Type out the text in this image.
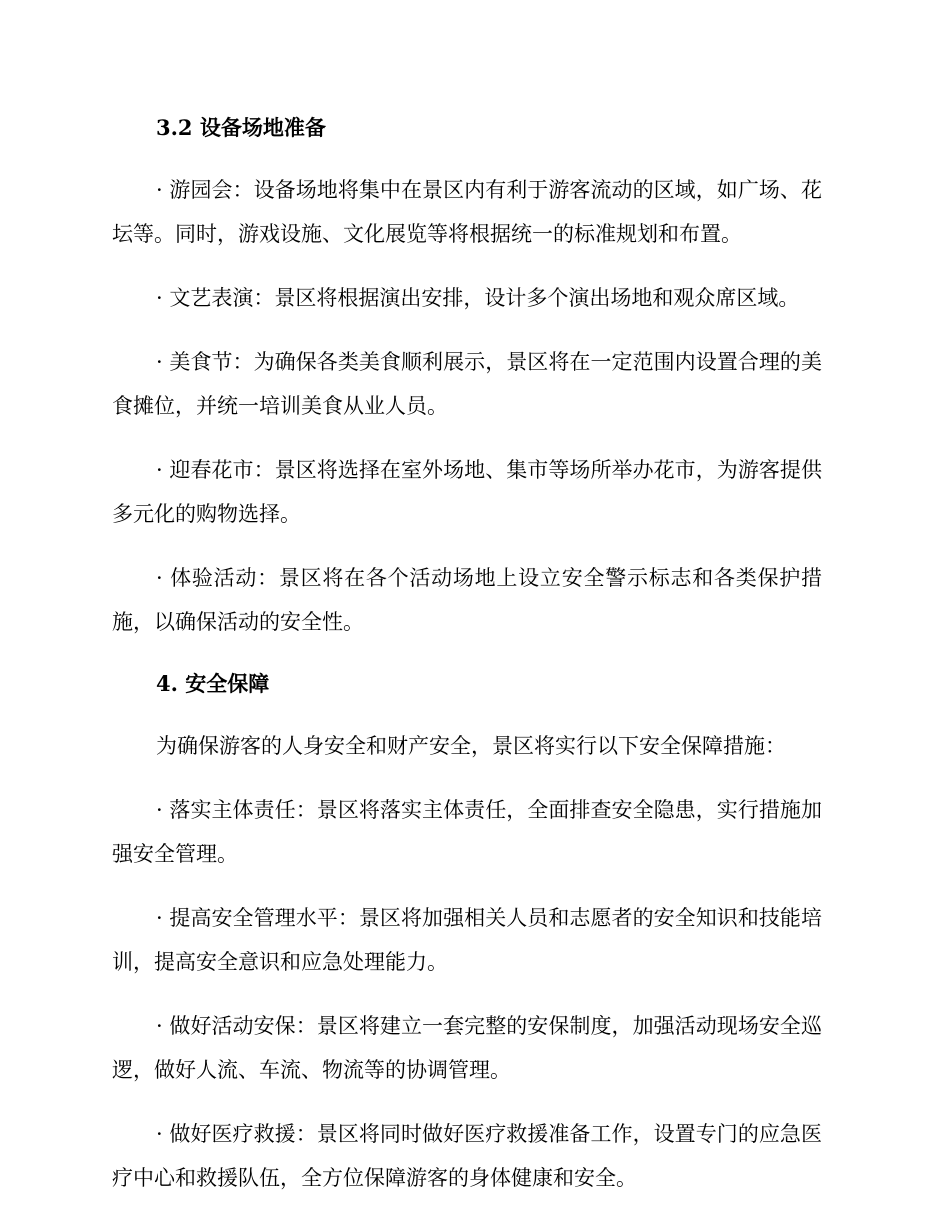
3.2 设备场地准备

· 游园会：设备场地将集中在景区内有利于游客流动的区域，如广场、花坛等。同时，游戏设施、文化展览等将根据统一的标准规划和布置。

· 文艺表演：景区将根据演出安排，设计多个演出场地和观众席区域。

· 美食节：为确保各类美食顺利展示，景区将在一定范围内设置合理的美食摊位，并统一培训美食从业人员。

· 迎春花市：景区将选择在室外场地、集市等场所举办花市，为游客提供多元化的购物选择。

· 体验活动：景区将在各个活动场地上设立安全警示标志和各类保护措施，以确保活动的安全性。

4. 安全保障

为确保游客的人身安全和财产安全，景区将实行以下安全保障措施：

· 落实主体责任：景区将落实主体责任，全面排查安全隐患，实行措施加强安全管理。

· 提高安全管理水平：景区将加强相关人员和志愿者的安全知识和技能培训，提高安全意识和应急处理能力。

· 做好活动安保：景区将建立一套完整的安保制度，加强活动现场安全巡逻，做好人流、车流、物流等的协调管理。

· 做好医疗救援：景区将同时做好医疗救援准备工作，设置专门的应急医疗中心和救援队伍，全方位保障游客的身体健康和安全。
